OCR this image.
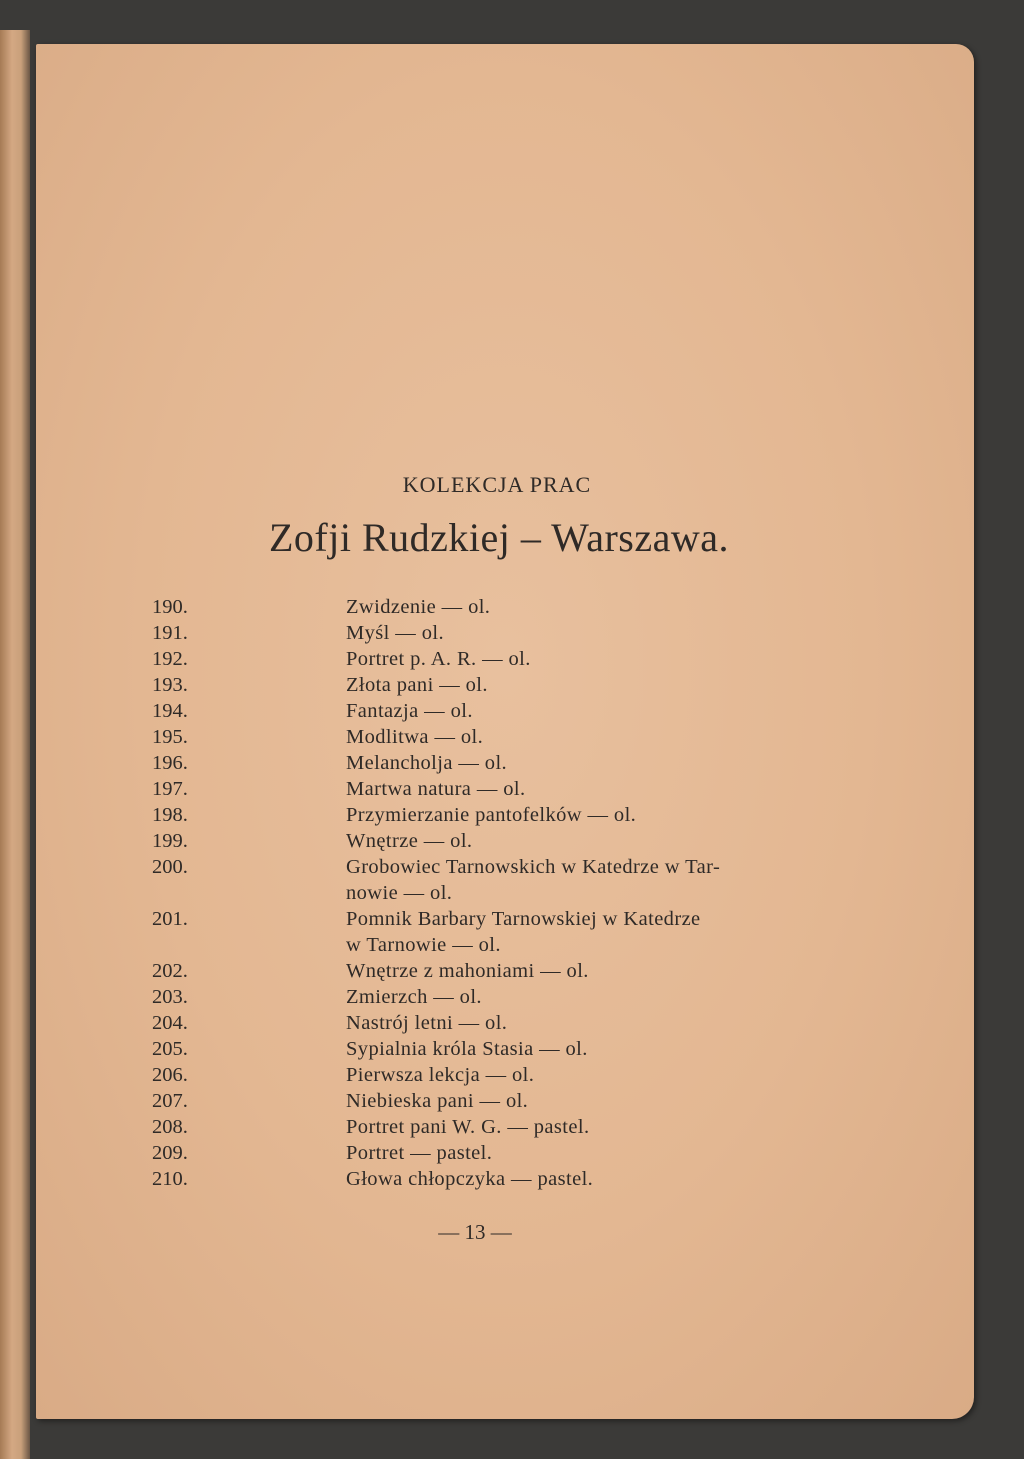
KOLEKCJA PRAC
Zofji Rudzkiej – Warszawa.
190.	Zwidzenie — ol.
191.	Myśl — ol.
192.	Portret p. A. R. — ol.
193.	Złota pani — ol.
194.	Fantazja — ol.
195.	Modlitwa — ol.
196.	Melancholja — ol.
197.	Martwa natura — ol.
198.	Przymierzanie pantofelków — ol.
199.	Wnętrze — ol.
200.	Grobowiec Tarnowskich w Katedrze w Tar-
nowie — ol.
201.	Pomnik Barbary Tarnowskiej w Katedrze
w Tarnowie — ol.
202.	Wnętrze z mahoniami — ol.
203.	Zmierzch — ol.
204.	Nastrój letni — ol.
205.	Sypialnia króla Stasia — ol.
206.	Pierwsza lekcja — ol.
207.	Niebieska pani — ol.
208.	Portret pani W. G. — pastel.
209.	Portret — pastel.
210.	Głowa chłopczyka — pastel.
— 13 —
